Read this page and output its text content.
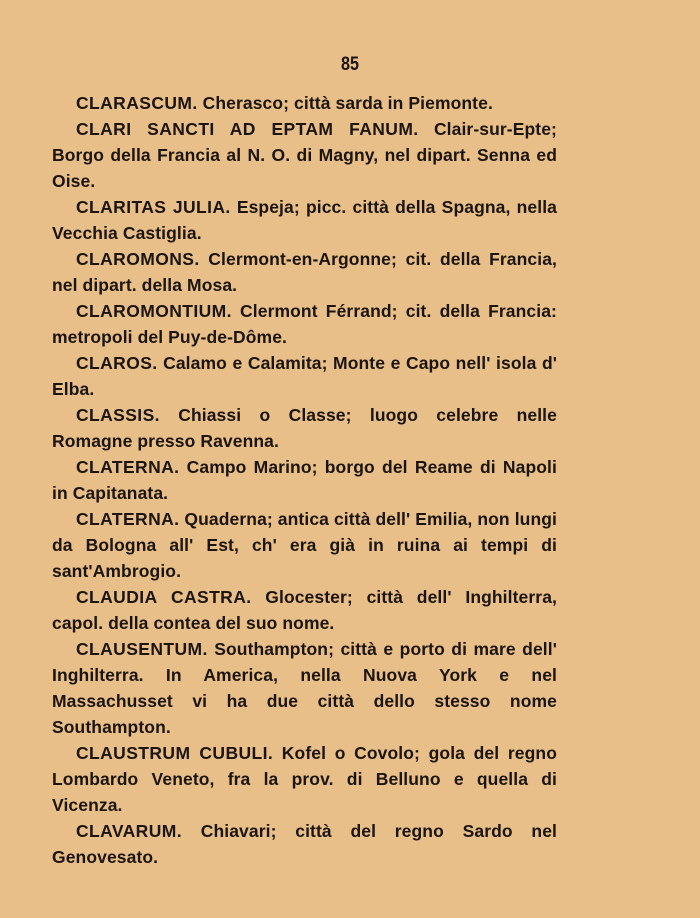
85
CLARASCUM. Cherasco; città sarda in Piemonte.
CLARI SANCTI AD EPTAM FANUM. Clair-sur-Epte; Borgo della Francia al N. O. di Magny, nel dipart. Senna ed Oise.
CLARITAS JULIA. Espeja; picc. città della Spagna, nella Vecchia Castiglia.
CLAROMONS. Clermont-en-Argonne; cit. della Francia, nel dipart. della Mosa.
CLAROMONTIUM. Clermont Férrand; cit. della Francia: metropoli del Puy-de-Dôme.
CLAROS. Calamo e Calamita; Monte e Capo nell' isola d' Elba.
CLASSIS. Chiassi o Classe; luogo celebre nelle Romagne presso Ravenna.
CLATERNA. Campo Marino; borgo del Reame di Napoli in Capitanata.
CLATERNA. Quaderna; antica città dell' Emilia, non lungi da Bologna all' Est, ch' era già in ruina ai tempi di sant'Ambrogio.
CLAUDIA CASTRA. Glocester; città dell' Inghilterra, capol. della contea del suo nome.
CLAUSENTUM. Southampton; città e porto di mare dell' Inghilterra. In America, nella Nuova York e nel Massachusset vi ha due città dello stesso nome Southampton.
CLAUSTRUM CUBULI. Kofel o Covolo; gola del regno Lombardo Veneto, fra la prov. di Belluno e quella di Vicenza.
CLAVARUM. Chiavari; città del regno Sardo nel Genovesato.
